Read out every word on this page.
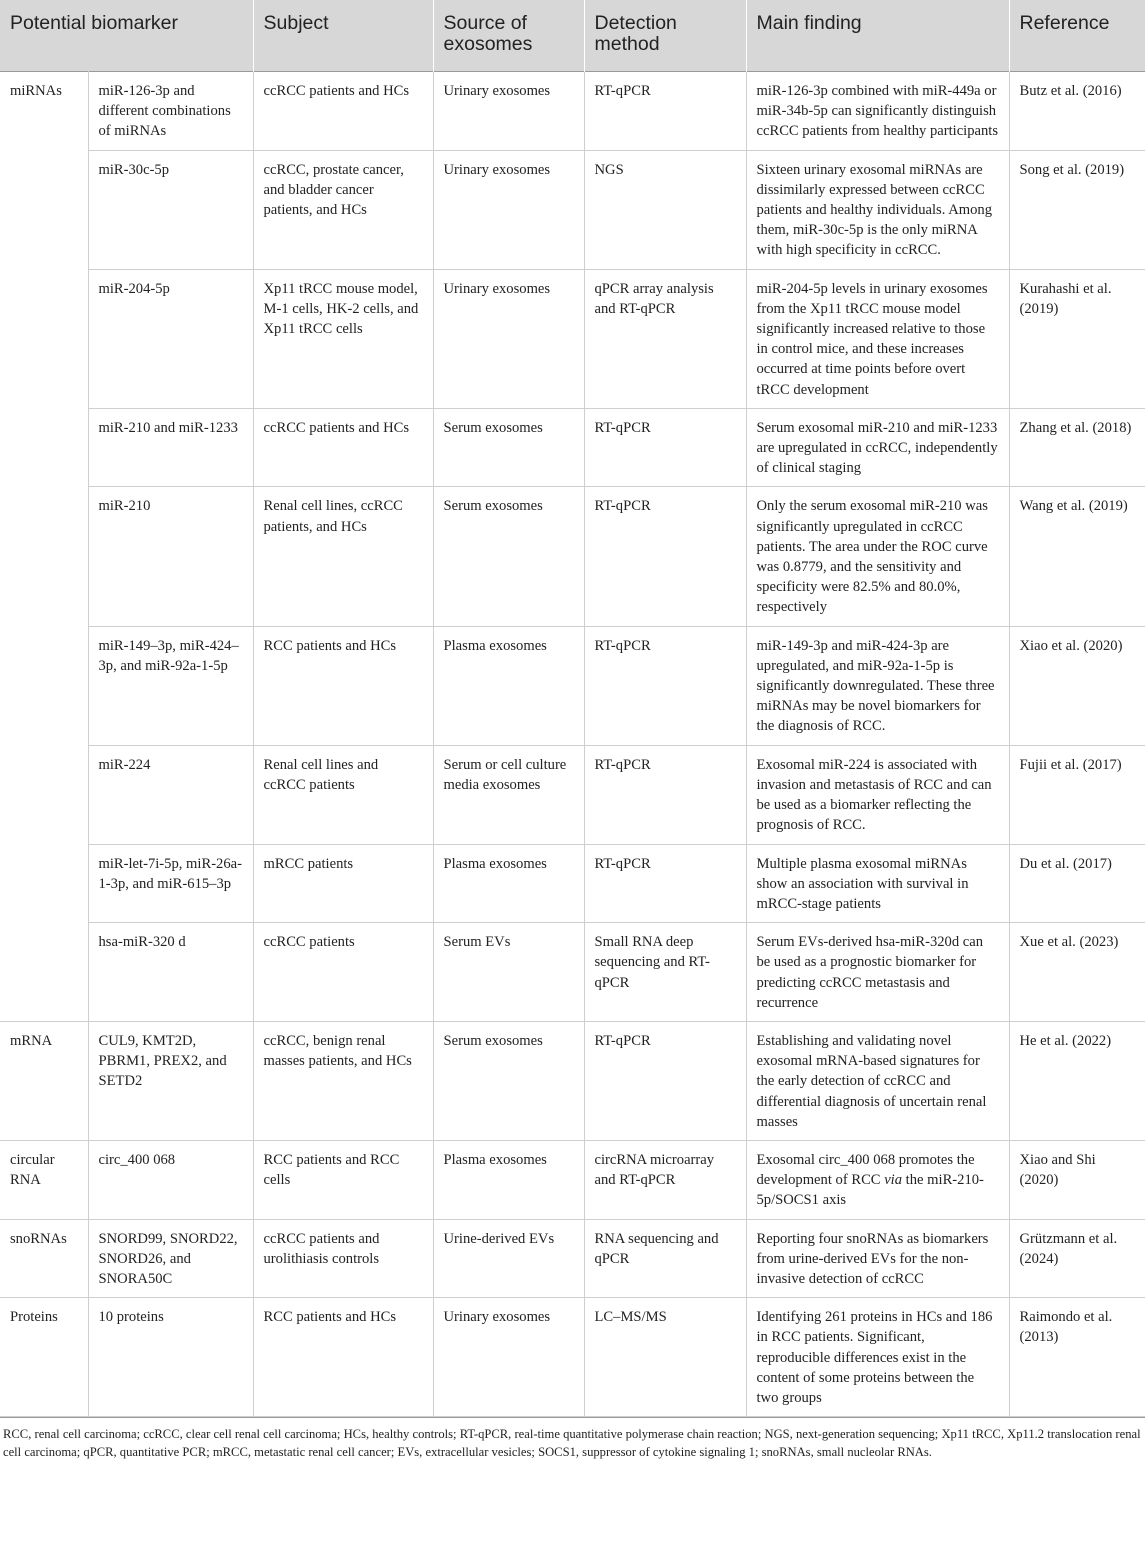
Potential biomarker		Subject	Source of exosomes	Detection method	Main finding	Reference
miRNAs	miR-126-3p and different combinations of miRNAs	ccRCC patients and HCs	Urinary exosomes	RT-qPCR	miR-126-3p combined with miR-449a or miR-34b-5p can significantly distinguish ccRCC patients from healthy participants	Butz et al. (2016)
	miR-30c-5p	ccRCC, prostate cancer, and bladder cancer patients, and HCs	Urinary exosomes	NGS	Sixteen urinary exosomal miRNAs are dissimilarly expressed between ccRCC patients and healthy individuals. Among them, miR-30c-5p is the only miRNA with high specificity in ccRCC.	Song et al. (2019)
	miR-204-5p	Xp11 tRCC mouse model, M-1 cells, HK-2 cells, and Xp11 tRCC cells	Urinary exosomes	qPCR array analysis and RT-qPCR	miR-204-5p levels in urinary exosomes from the Xp11 tRCC mouse model significantly increased relative to those in control mice, and these increases occurred at time points before overt tRCC development	Kurahashi et al. (2019)
	miR-210 and miR-1233	ccRCC patients and HCs	Serum exosomes	RT-qPCR	Serum exosomal miR-210 and miR-1233 are upregulated in ccRCC, independently of clinical staging	Zhang et al. (2018)
	miR-210	Renal cell lines, ccRCC patients, and HCs	Serum exosomes	RT-qPCR	Only the serum exosomal miR-210 was significantly upregulated in ccRCC patients. The area under the ROC curve was 0.8779, and the sensitivity and specificity were 82.5% and 80.0%, respectively	Wang et al. (2019)
	miR-149–3p, miR-424–3p, and miR-92a-1-5p	RCC patients and HCs	Plasma exosomes	RT-qPCR	miR-149-3p and miR-424-3p are upregulated, and miR-92a-1-5p is significantly downregulated. These three miRNAs may be novel biomarkers for the diagnosis of RCC.	Xiao et al. (2020)
	miR-224	Renal cell lines and ccRCC patients	Serum or cell culture media exosomes	RT-qPCR	Exosomal miR-224 is associated with invasion and metastasis of RCC and can be used as a biomarker reflecting the prognosis of RCC.	Fujii et al. (2017)
	miR-let-7i-5p, miR-26a-1-3p, and miR-615–3p	mRCC patients	Plasma exosomes	RT-qPCR	Multiple plasma exosomal miRNAs show an association with survival in mRCC-stage patients	Du et al. (2017)
	hsa-miR-320 d	ccRCC patients	Serum EVs	Small RNA deep sequencing and RT-qPCR	Serum EVs-derived hsa-miR-320d can be used as a prognostic biomarker for predicting ccRCC metastasis and recurrence	Xue et al. (2023)
mRNA	CUL9, KMT2D, PBRM1, PREX2, and SETD2	ccRCC, benign renal masses patients, and HCs	Serum exosomes	RT-qPCR	Establishing and validating novel exosomal mRNA-based signatures for the early detection of ccRCC and differential diagnosis of uncertain renal masses	He et al. (2022)
circular RNA	circ_400 068	RCC patients and RCC cells	Plasma exosomes	circRNA microarray and RT-qPCR	Exosomal circ_400 068 promotes the development of RCC via the miR-210-5p/SOCS1 axis	Xiao and Shi (2020)
snoRNAs	SNORD99, SNORD22, SNORD26, and SNORA50C	ccRCC patients and urolithiasis controls	Urine-derived EVs	RNA sequencing and qPCR	Reporting four snoRNAs as biomarkers from urine-derived EVs for the non-invasive detection of ccRCC	Grützmann et al. (2024)
Proteins	10 proteins	RCC patients and HCs	Urinary exosomes	LC–MS/MS	Identifying 261 proteins in HCs and 186 in RCC patients. Significant, reproducible differences exist in the content of some proteins between the two groups	Raimondo et al. (2013)
RCC, renal cell carcinoma; ccRCC, clear cell renal cell carcinoma; HCs, healthy controls; RT-qPCR, real-time quantitative polymerase chain reaction; NGS, next-generation sequencing; Xp11 tRCC, Xp11.2 translocation renal cell carcinoma; qPCR, quantitative PCR; mRCC, metastatic renal cell cancer; EVs, extracellular vesicles; SOCS1, suppressor of cytokine signaling 1; snoRNAs, small nucleolar RNAs.
